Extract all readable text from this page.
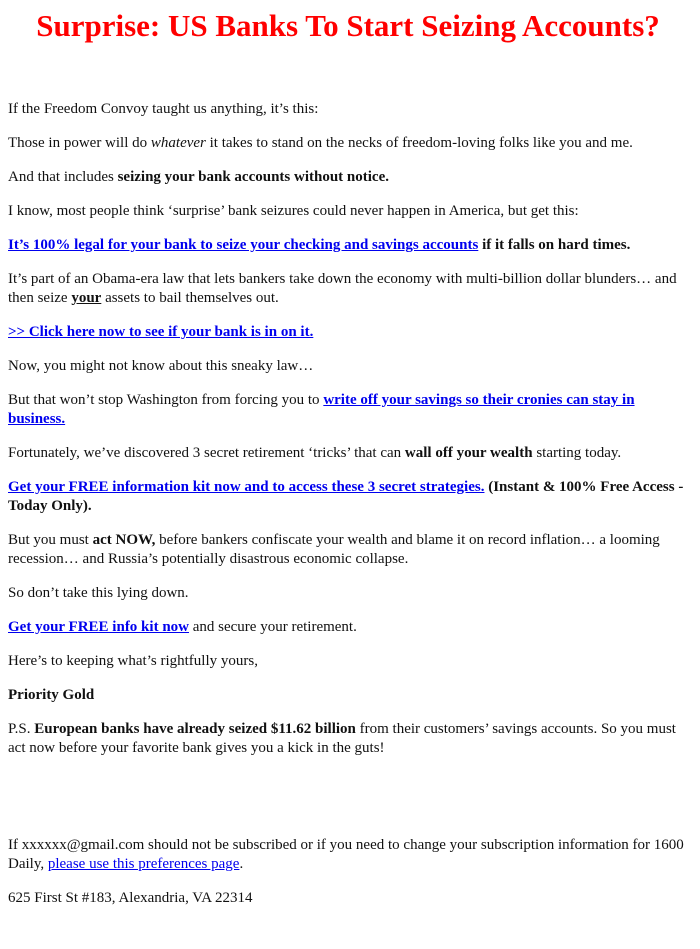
Surprise: US Banks To Start Seizing Accounts?

If the Freedom Convoy taught us anything, it’s this:

Those in power will do whatever it takes to stand on the necks of freedom-loving folks like you and me.

And that includes seizing your bank accounts without notice.

I know, most people think ‘surprise’ bank seizures could never happen in America, but get this:

It’s 100% legal for your bank to seize your checking and savings accounts if it falls on hard times.

It’s part of an Obama-era law that lets bankers take down the economy with multi-billion dollar blunders… and then seize your assets to bail themselves out.

>> Click here now to see if your bank is in on it.

Now, you might not know about this sneaky law…

But that won’t stop Washington from forcing you to write off your savings so their cronies can stay in business.

Fortunately, we’ve discovered 3 secret retirement ‘tricks’ that can wall off your wealth starting today.

Get your FREE information kit now and to access these 3 secret strategies. (Instant & 100% Free Access - Today Only).

But you must act NOW, before bankers confiscate your wealth and blame it on record inflation… a looming recession… and Russia’s potentially disastrous economic collapse.

So don’t take this lying down.

Get your FREE info kit now and secure your retirement.

Here’s to keeping what’s rightfully yours,

Priority Gold

P.S. European banks have already seized $11.62 billion from their customers’ savings accounts. So you must act now before your favorite bank gives you a kick in the guts!

If xxxxxx@gmail.com should not be subscribed or if you need to change your subscription information for 1600 Daily, please use this preferences page.

625 First St #183, Alexandria, VA 22314
